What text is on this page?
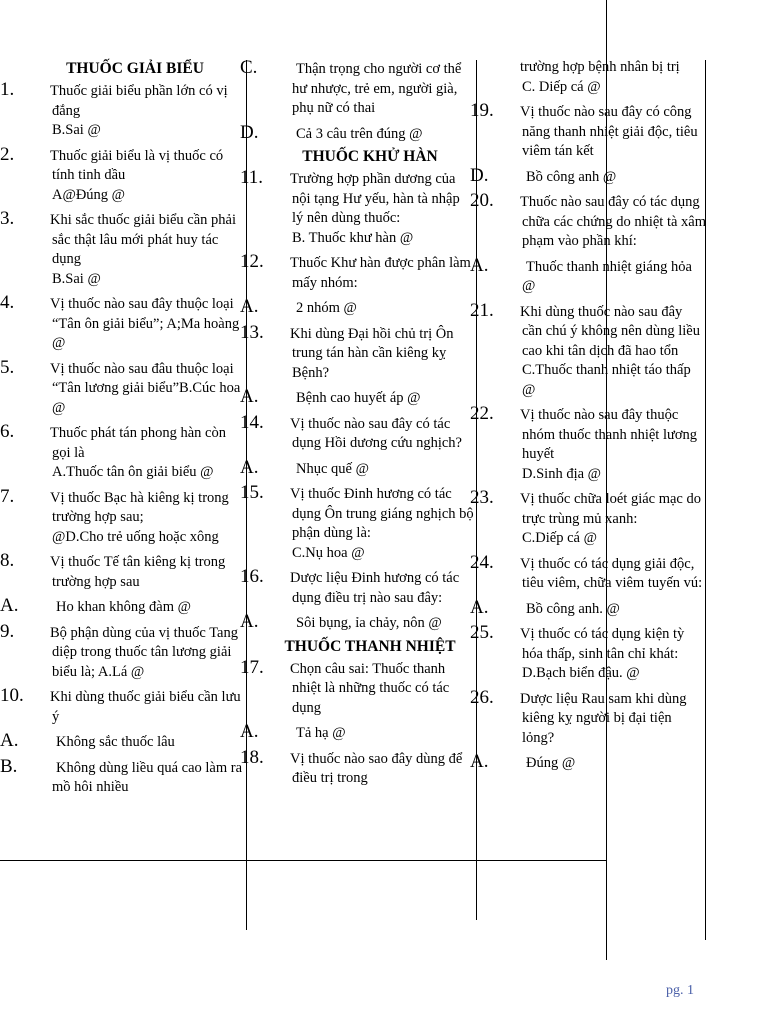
THUỐC GIẢI BIỂU
1. Thuốc giải biểu phần lớn có vị đắng
B.Sai @
2. Thuốc giải biểu là vị thuốc có tính tinh dầu
A@Đúng @
3. Khi sắc thuốc giải biểu cần phải sắc thật lâu mới phát huy tác dụng
B.Sai @
4. Vị thuốc nào sau đây thuộc loại “Tân ôn giải biểu”; A;Ma hoàng @
5. Vị thuốc nào sau đâu thuộc loại “Tân lương giải biểu”B.Cúc hoa @
6. Thuốc phát tán phong hàn còn gọi là
A.Thuốc tân ôn giải biểu @
7. Vị thuốc Bạc hà kiêng kị trong trường hợp sau;
@D.Cho trẻ uống hoặc xông
8. Vị thuốc Tế tân kiêng kị trong trường hợp sau
A.	Ho khan không đàm @
9. Bộ phận dùng của vị thuốc Tang diệp trong thuốc tân lương giải biểu là; A.Lá @
10. Khi dùng thuốc giải biểu cần lưu ý
A.	Không sắc thuốc lâu
B.	Không dùng liều quá cao làm ra mồ hôi nhiều
C.	Thận trọng cho người cơ thể hư nhược, trẻ em, người già, phụ nữ có thai
D.	Cả 3 câu trên đúng @
THUỐC KHỬ HÀN
11. Trường hợp phần dương của nội tạng Hư yếu, hàn tà nhập lý nên dùng thuốc:
B. Thuốc khư hàn @
12. Thuốc Khư hàn được phân làm mấy nhóm:
A.	2 nhóm @
13. Khi dùng Đại hồi chủ trị Ôn trung tán hàn cần kiêng kỵ Bệnh?
A.	Bệnh cao huyết áp @
14. Vị thuốc nào sau đây có tác dụng Hồi dương cứu nghịch?
A.	Nhục quế @
15. Vị thuốc Đinh hương có tác dụng Ôn trung giáng nghịch bộ phận dùng là:
C.Nụ hoa @
16. Dược liệu Đinh hương có tác dụng điều trị nào sau đây:
A.	Sôi bụng, ỉa chảy, nôn @
THUỐC THANH NHIỆT
17. Chọn câu sai: Thuốc thanh nhiệt là những thuốc có tác dụng
A.	Tả hạ @
18. Vị thuốc nào sao đây dùng để điều trị trong
trường hợp bệnh nhân bị trị
C. Diếp cá @
19. Vị thuốc nào sau đây có công năng thanh nhiệt giải độc, tiêu viêm tán kết
D.	Bồ công anh @
20. Thuốc nào sau đây có tác dụng chữa các chứng do nhiệt tà xâm phạm vào phần khí:
A.	Thuốc thanh nhiệt giáng hỏa @
21. Khi dùng thuốc nào sau đây cần chú ý không nên dùng liều cao khi tân dịch đã hao tổn
C.Thuốc thanh nhiệt táo thấp @
22. Vị thuốc nào sau đây thuộc nhóm thuốc thanh nhiệt lương huyết
D.Sinh địa @
23. Vị thuốc chữa loét giác mạc do trực trùng mủ xanh:
C.Diếp cá @
24. Vị thuốc có tác dụng giải độc, tiêu viêm, chữa viêm tuyến vú:
A.	Bồ công anh. @
25. Vị thuốc có tác dụng kiện tỳ hóa thấp, sinh tân chỉ khát:
D.Bạch biển đậu. @
26. Dược liệu Rau sam khi dùng kiêng kỵ người bị đại tiện lỏng?
A.	Đúng @
pg. 1
